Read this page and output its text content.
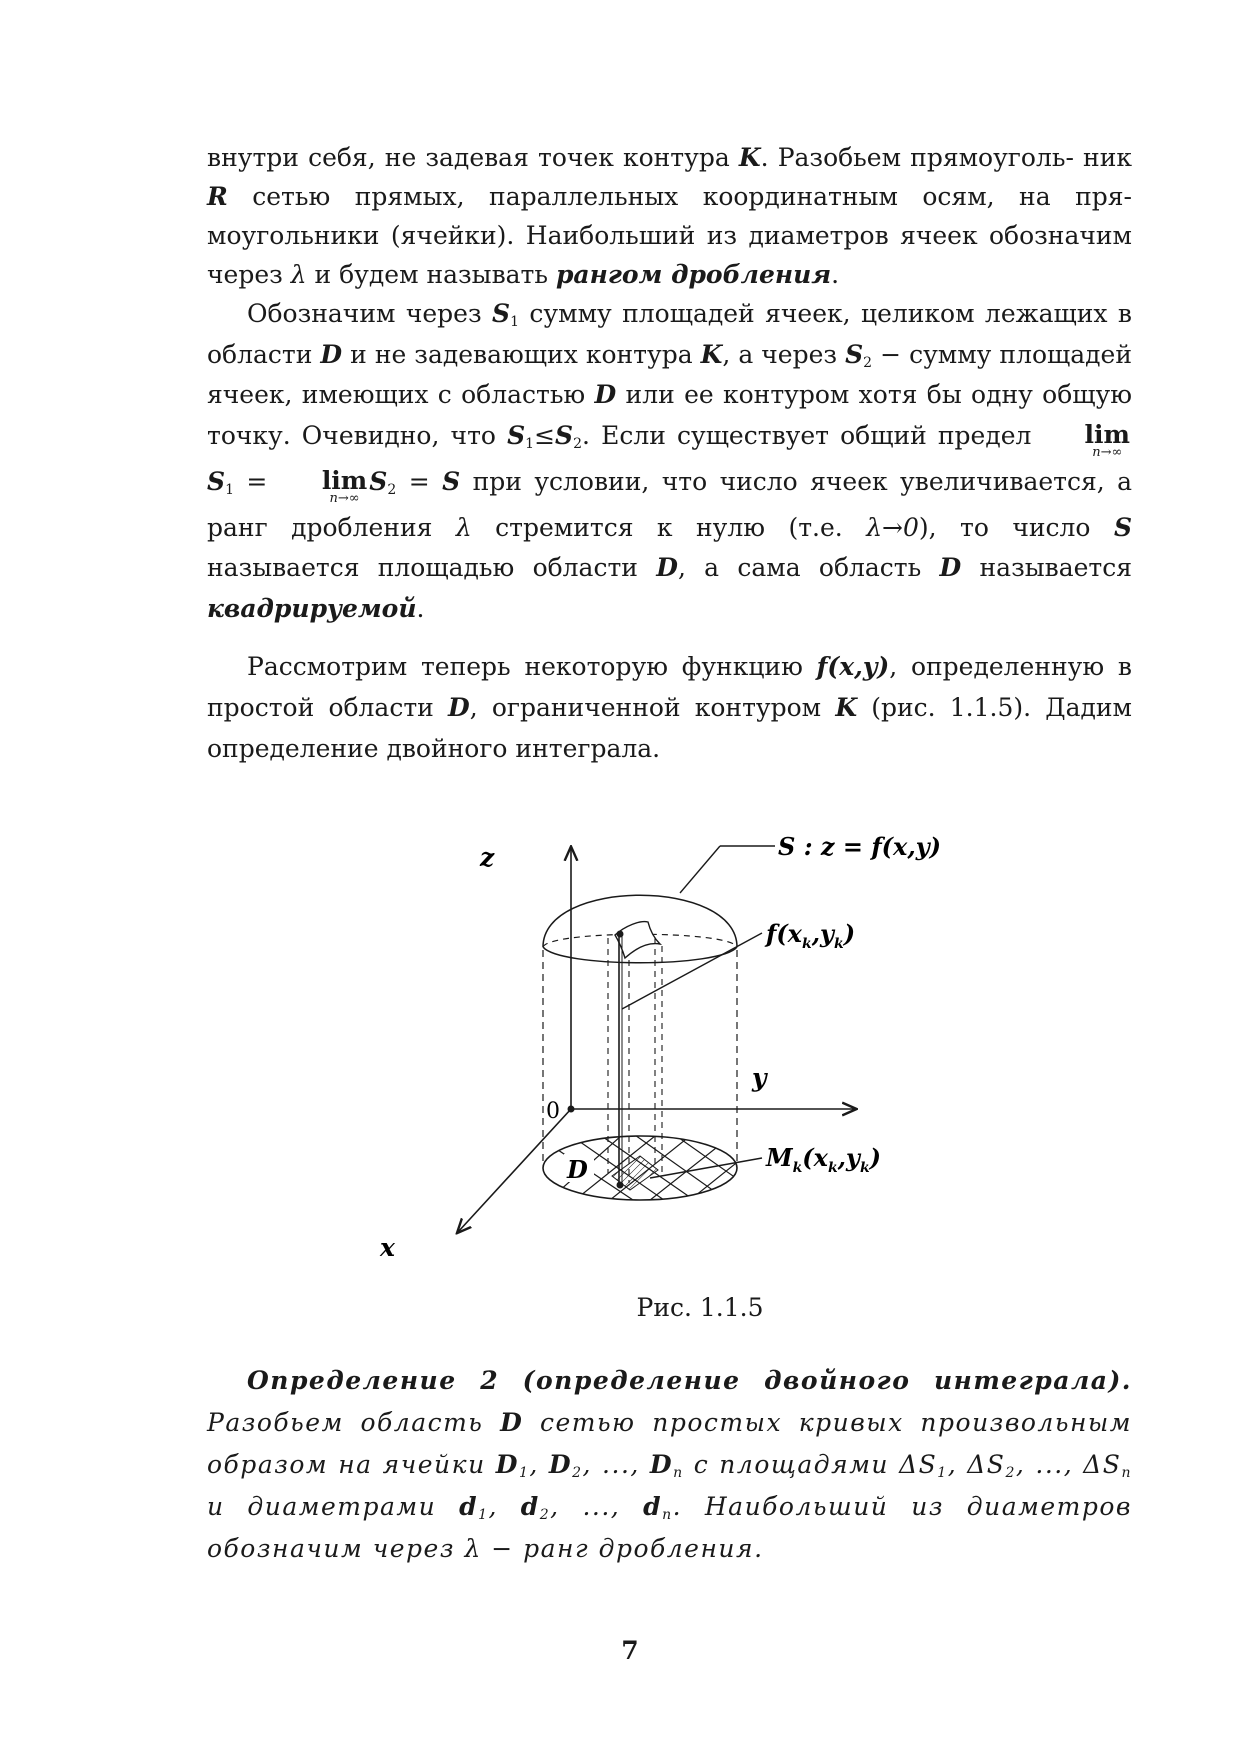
внутри себя, не задевая точек контура K. Разобьем прямоуголь- ник R сетью прямых, параллельных координатным осям, на пря- моугольники (ячейки). Наибольший из диаметров ячеек обозначим через λ и будем называть рангом дробления.

Обозначим через $S_1$ сумму площадей ячеек, целиком лежащих в области D и не задевающих контура K, а через $S_2$ − сумму площадей ячеек, имеющих с областью D или ее контуром хотя бы одну общую точку. Очевидно, что $S_1\le S_2$. Если существует общий предел	lim
n→∞
$S_1$ =	lim
n→∞
$S_2 = S$ при условии, что число ячеек увеличивается, а ранг дробления λ стремится к нулю (т.е. λ→0), то число S называется площадью области D, а сама область D называется квадрируемой.

Рассмотрим теперь некоторую функцию f(x,y), определенную в простой области D, ограниченной контуром K (рис. 1.1.5). Дадим определение двойного интеграла.

z
y
x
0
D
S : z = f(x,y)
$f(x_k,y_k)$
$M_k(x_k,y_k)$
Рис. 1.1.5

Определение 2 (определение двойного интеграла). Разобьем область D сетью простых кривых произвольным образом на ячейки $D_1$, $D_2$, ..., $D_n$ с площадями $\Delta S_1$, $\Delta S_2$, ..., $\Delta S_n$ и диаметрами $d_1$, $d_2$, ..., $d_n$. Наибольший из диаметров обозначим через λ − ранг дробления.

7
